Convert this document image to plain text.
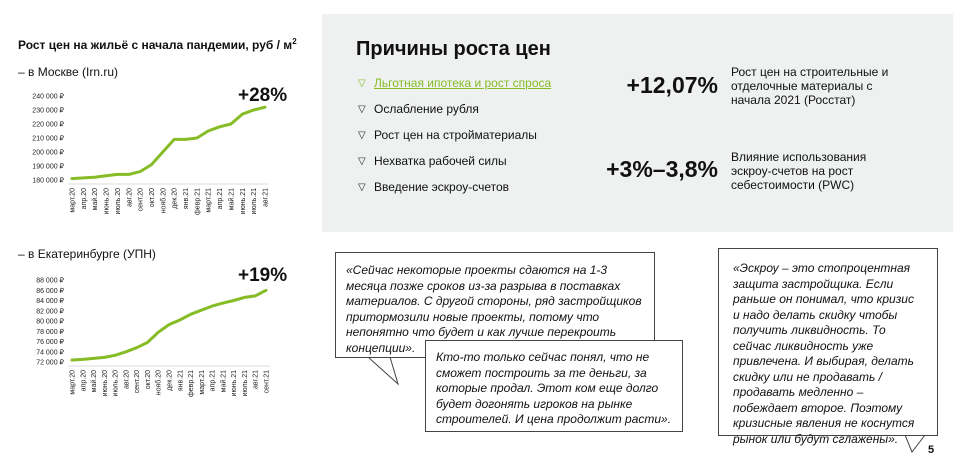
Рост цен на жильё с начала пандемии, руб / $м^2$
– в Москве (Irn.ru)
+28%
180 000 ₽
190 000 ₽
200 000 ₽
210 000 ₽
220 000 ₽
230 000 ₽
240 000 ₽
март.20 апр.20 май.20 июнь.20 июль.20 авг.20 сент.20 окт.20 нояб.20 дек.20 янв.21 февр.21 март.21 апр.21 май.21 июнь.21 июль.21 авг.21
– в Екатеринбурге (УПН)
+19%
72 000 ₽
74 000 ₽
76 000 ₽
78 000 ₽
80 000 ₽
82 000 ₽
84 000 ₽
86 000 ₽
88 000 ₽
март.20 апр.20 май.20 июнь.20 июль.20 авг.20 сент.20 окт.20 нояб.20 дек.20 янв.21 февр.21 март.21 апр.21 май.21 июнь.21 июль.21 авг.21 сент.21
Причины роста цен
▽ Льготная ипотека и рост спроса
▽ Ослабление рубля
▽ Рост цен на стройматериалы
▽ Нехватка рабочей силы
▽ Введение эскроу-счетов
+12,07% Рост цен на строительные и отделочные материалы с начала 2021 (Росстат)
+3%–3,8% Влияние использования эскроу-счетов на рост себестоимости (PWC)
«Сейчас некоторые проекты сдаются на 1-3 месяца позже сроков из-за разрыва в поставках материалов. С другой стороны, ряд застройщиков притормозили новые проекты, потому что непонятно что будет и как лучше перекроить концепции».
Кто-то только сейчас понял, что не сможет построить за те деньги, за которые продал. Этот ком еще долго будет догонять игроков на рынке строителей. И цена продолжит расти».
«Эскроу – это стопроцентная защита застройщика. Если раньше он понимал, что кризис и надо делать скидку чтобы получить ликвидность. То сейчас ликвидность уже привлечена. И выбирая, делать скидку или не продавать / продавать медленно – побеждает второе. Поэтому кризисные явления не коснутся рынок или будут сглажены».
5
